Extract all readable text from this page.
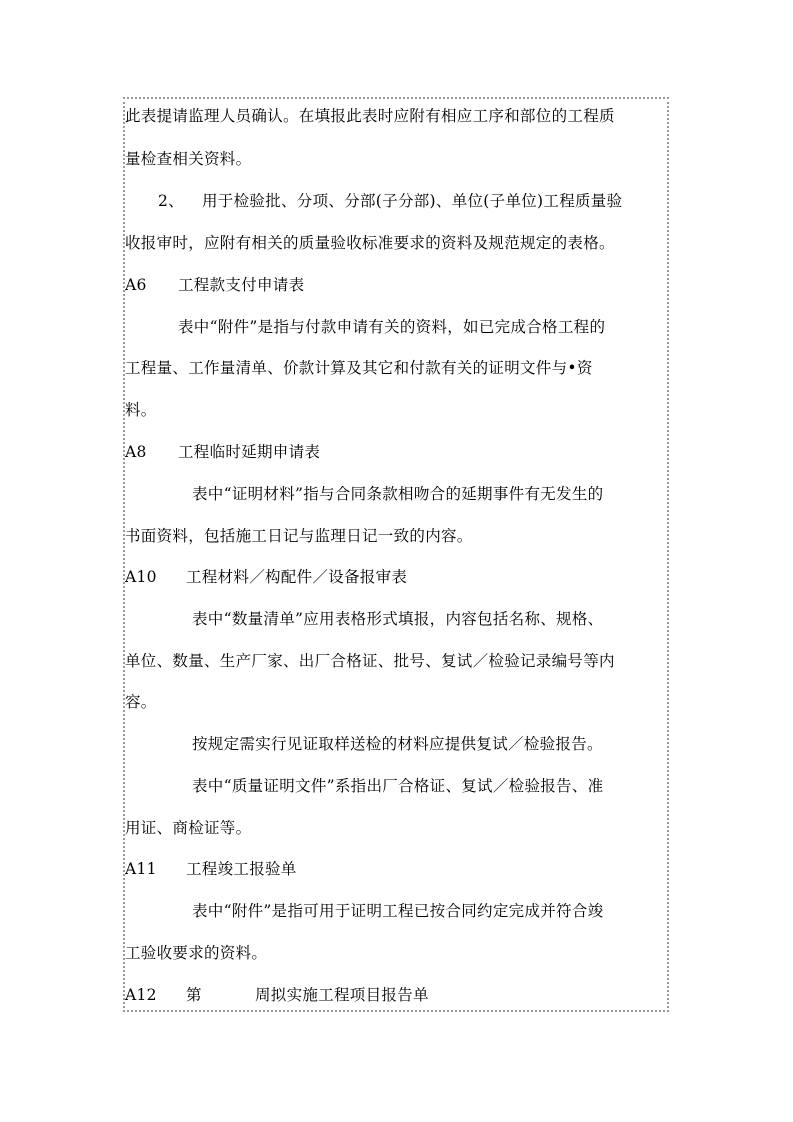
此表提请监理人员确认。在填报此表时应附有相应工序和部位的工程质
量检查相关资料。
2、 用于检验批、分项、分部(子分部)、单位(子单位)工程质量验
收报审时，应附有相关的质量验收标准要求的资料及规范规定的表格。
A6 工程款支付申请表
表中“附件”是指与付款申请有关的资料，如已完成合格工程的
工程量、工作量清单、价款计算及其它和付款有关的证明文件与•资
料。
A8 工程临时延期申请表
表中“证明材料”指与合同条款相吻合的延期事件有无发生的
书面资料，包括施工日记与监理日记一致的内容。
A10 工程材料／构配件／设备报审表
表中“数量清单”应用表格形式填报，内容包括名称、规格、
单位、数量、生产厂家、出厂合格证、批号、复试／检验记录编号等内
容。
按规定需实行见证取样送检的材料应提供复试／检验报告。
表中“质量证明文件”系指出厂合格证、复试／检验报告、准
用证、商检证等。
A11 工程竣工报验单
表中“附件”是指可用于证明工程已按合同约定完成并符合竣
工验收要求的资料。
A12 第	周拟实施工程项目报告单
